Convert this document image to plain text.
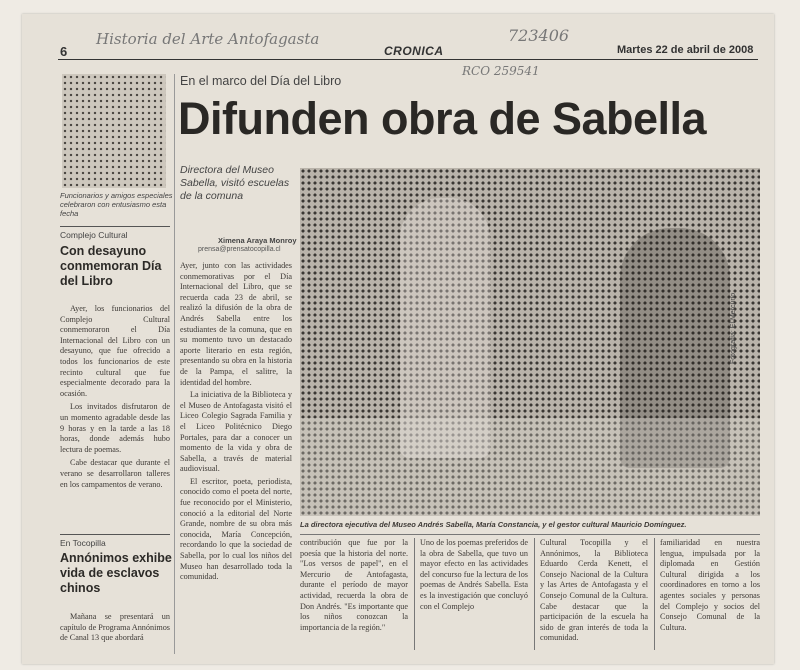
6
Historia del Arte Antofagasta
CRONICA
723406
Martes 22 de abril de 2008
RCO 259541
Funcionarios y amigos especiales celebraron con entusiasmo esta fecha
Complejo Cultural
Con desayuno conmemoran Día del Libro

Ayer, los funcionarios del Complejo Cultural conmemoraron el Día Internacional del Libro con un desayuno, que fue ofrecido a todos los funcionarios de este recinto cultural que fue especialmente decorado para la ocasión.

Los invitados disfrutaron de un momento agradable desde las 9 horas y en la tarde a las 18 horas, donde además hubo lectura de poemas.

Cabe destacar que durante el verano se desarrollaron talleres en los campamentos de verano.

En Tocopilla
Annónimos exhibe vida de esclavos chinos

Mañana se presentará un capítulo de Programa Annónimos de Canal 13 que abordará

En el marco del Día del Libro
Difunden obra de Sabella
Directora del Museo Sabella, visitó escuelas de la comuna
Ximena Araya Monroy
prensa@prensatocopilla.cl

Ayer, junto con las actividades conmemorativas por el Día Internacional del Libro, que se recuerda cada 23 de abril, se realizó la difusión de la obra de Andrés Sabella entre los estudiantes de la comuna, que en su momento tuvo un destacado aporte literario en esta región, presentando su obra en la historia de la Pampa, el salitre, la identidad del hombre.

La iniciativa de la Biblioteca y el Museo de Antofagasta visitó el Liceo Colegio Sagrada Familia y el Liceo Politécnico Diego Portales, para dar a conocer un momento de la vida y obra de Sabella, a través de material audiovisual.

El escritor, poeta, periodista, conocido como el poeta del norte, fue reconocido por el Ministerio, conoció a la editorial del Norte Grande, nombre de su obra más conocida, María Concepción, recordando lo que la sociedad de Sabella, por lo cual los niños del Museo han desarrollado toda la comunidad.

Fotografía: El Mercurio
La directora ejecutiva del Museo Andrés Sabella, María Constancia, y el gestor cultural Mauricio Domínguez.

contribución que fue por la poesía que la historia del norte. "Los versos de papel", en el Mercurio de Antofagasta, durante el período de mayor actividad, recuerda la obra de Don Andrés. "Es importante que los niños conozcan la importancia de la región."

Uno de los poemas preferidos de la obra de Sabella, que tuvo un mayor efecto en las actividades del concurso fue la lectura de los poemas de Andrés Sabella. Esta es la investigación que concluyó con el Complejo

Cultural Tocopilla y el Annónimos, la Biblioteca Eduardo Cerda Kenett, el Consejo Nacional de la Cultura y las Artes de Antofagasta y el Consejo Comunal de la Cultura. Cabe destacar que la participación de la escuela ha sido de gran interés de toda la comunidad.

familiaridad en nuestra lengua, impulsada por la diplomada en Gestión Cultural dirigida a los coordinadores en torno a los agentes sociales y personas del Complejo y socios del Consejo Comunal de la Cultura.
